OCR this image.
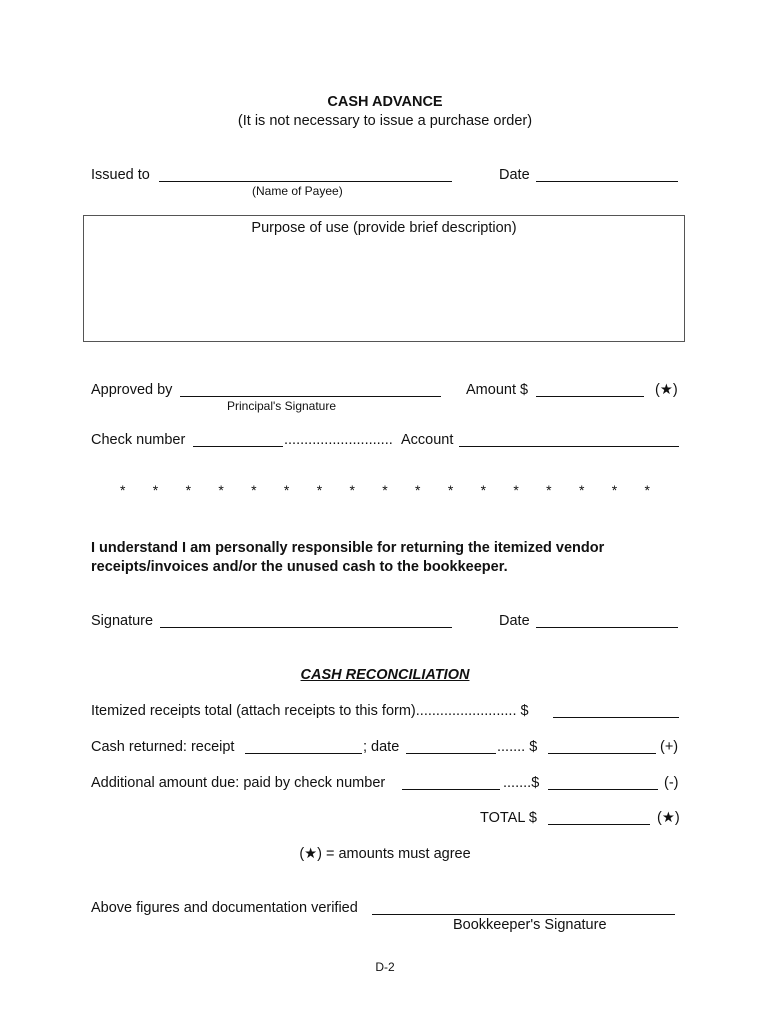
CASH ADVANCE
(It is not necessary to issue a purchase order)
Issued to
(Name of Payee)
Date
Purpose of use (provide brief description)
Approved by
Principal's Signature
Amount $	(★)
Check number	........................... Account
* * * * * * * * * * * * * * * * *
I understand I am personally responsible for returning the itemized vendor
receipts/invoices and/or the unused cash to the bookkeeper.
Signature	Date
CASH RECONCILIATION
Itemized receipts total (attach receipts to this form)......................... $
Cash returned: receipt	; date	....... $	(+)
Additional amount due: paid by check number	.......$	(-)
TOTAL $	(★)
(★) = amounts must agree
Above figures and documentation verified
Bookkeeper's Signature
D-2
